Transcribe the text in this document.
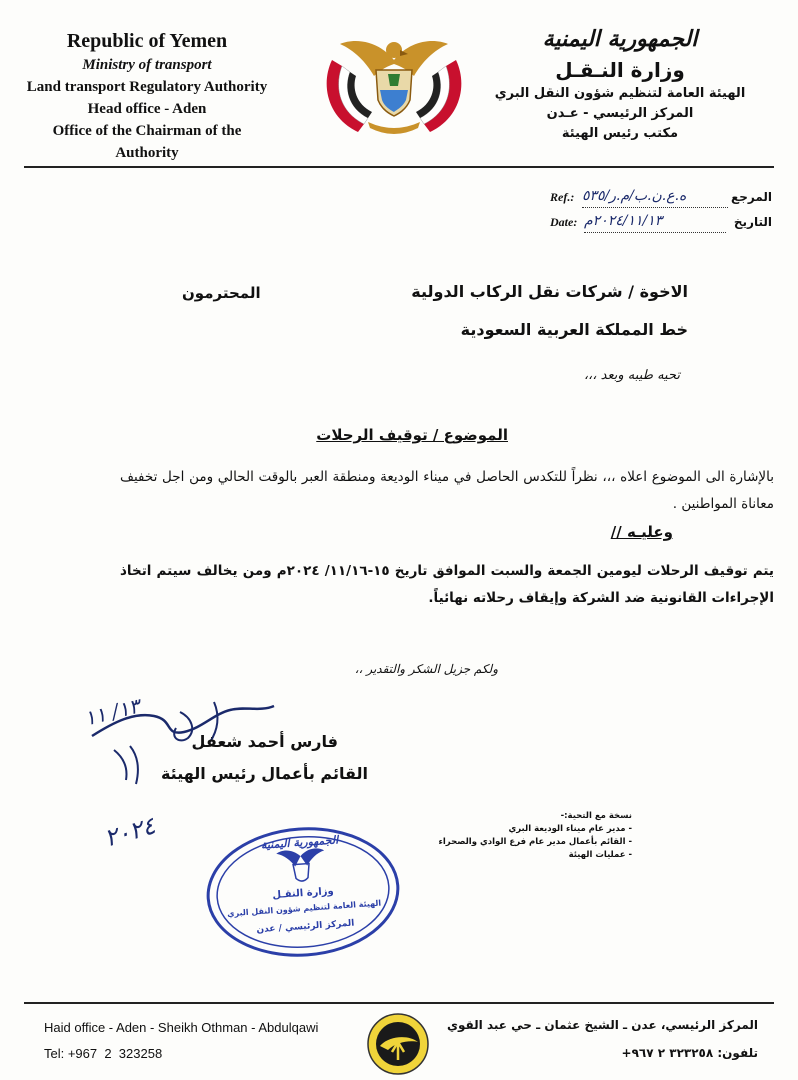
Republic of Yemen
Ministry of transport
Land transport Regulatory Authority
Head office - Aden
Office of the Chairman of the Authority
الجمهورية اليمنية
وزارة النـقـل
الهيئة العامة لتنظيم شؤون النقل البري
المركز الرئيسي - عـدن
مكتب رئيس الهيئة
Ref.: ه.ع.ن.ب/م.ر/٥٣٥	المرجع
Date: ٢٠٢٤/١١/١٣م	التاريخ
الاخوة / شركات نقل الركاب الدولية
المحترمون
خط المملكة العربية السعودية
تحيه طيبه وبعد ،،،
الموضوع / توقيف الرحلات
بالإشارة الى الموضوع اعلاه ،،، نظراً للتكدس الحاصل في ميناء الوديعة ومنطقة العبر بالوقت الحالي ومن اجل تخفيف معاناة المواطنين .
وعليـه //
يتم توقيف الرحلات ليومين الجمعة والسبت الموافق تاريخ ١٥-١١/١٦/ ٢٠٢٤م ومن يخالف سيتم اتخاذ الإجراءات القانونية ضد الشركة وإيقاف رحلاته نهائياً.
ولكم جزيل الشكر والتقدير ،،
١٣/ ١١
٢٠٢٤
فارس أحمد شعفل
القائم بأعمال رئيس الهيئة
نسخة مع التحية:-
- مدير عام ميناء الوديعة البري
- القائم بأعمال مدير عام فرع الوادي والصحراء
- عمليات الهيئة
الجمهورية اليمنية
وزارة النقـل
الهيئة العامة لتنظيم شؤون النقل البري
المركز الرئيسي / عدن
Haid office - Aden - Sheikh Othman - Abdulqawi
Tel: +967  2  323258
المركز الرئيسي، عدن ـ الشيخ عثمان ـ حي عبد القوي
تلفون: ٣٢٣٢٥٨ ٢ ٩٦٧+
